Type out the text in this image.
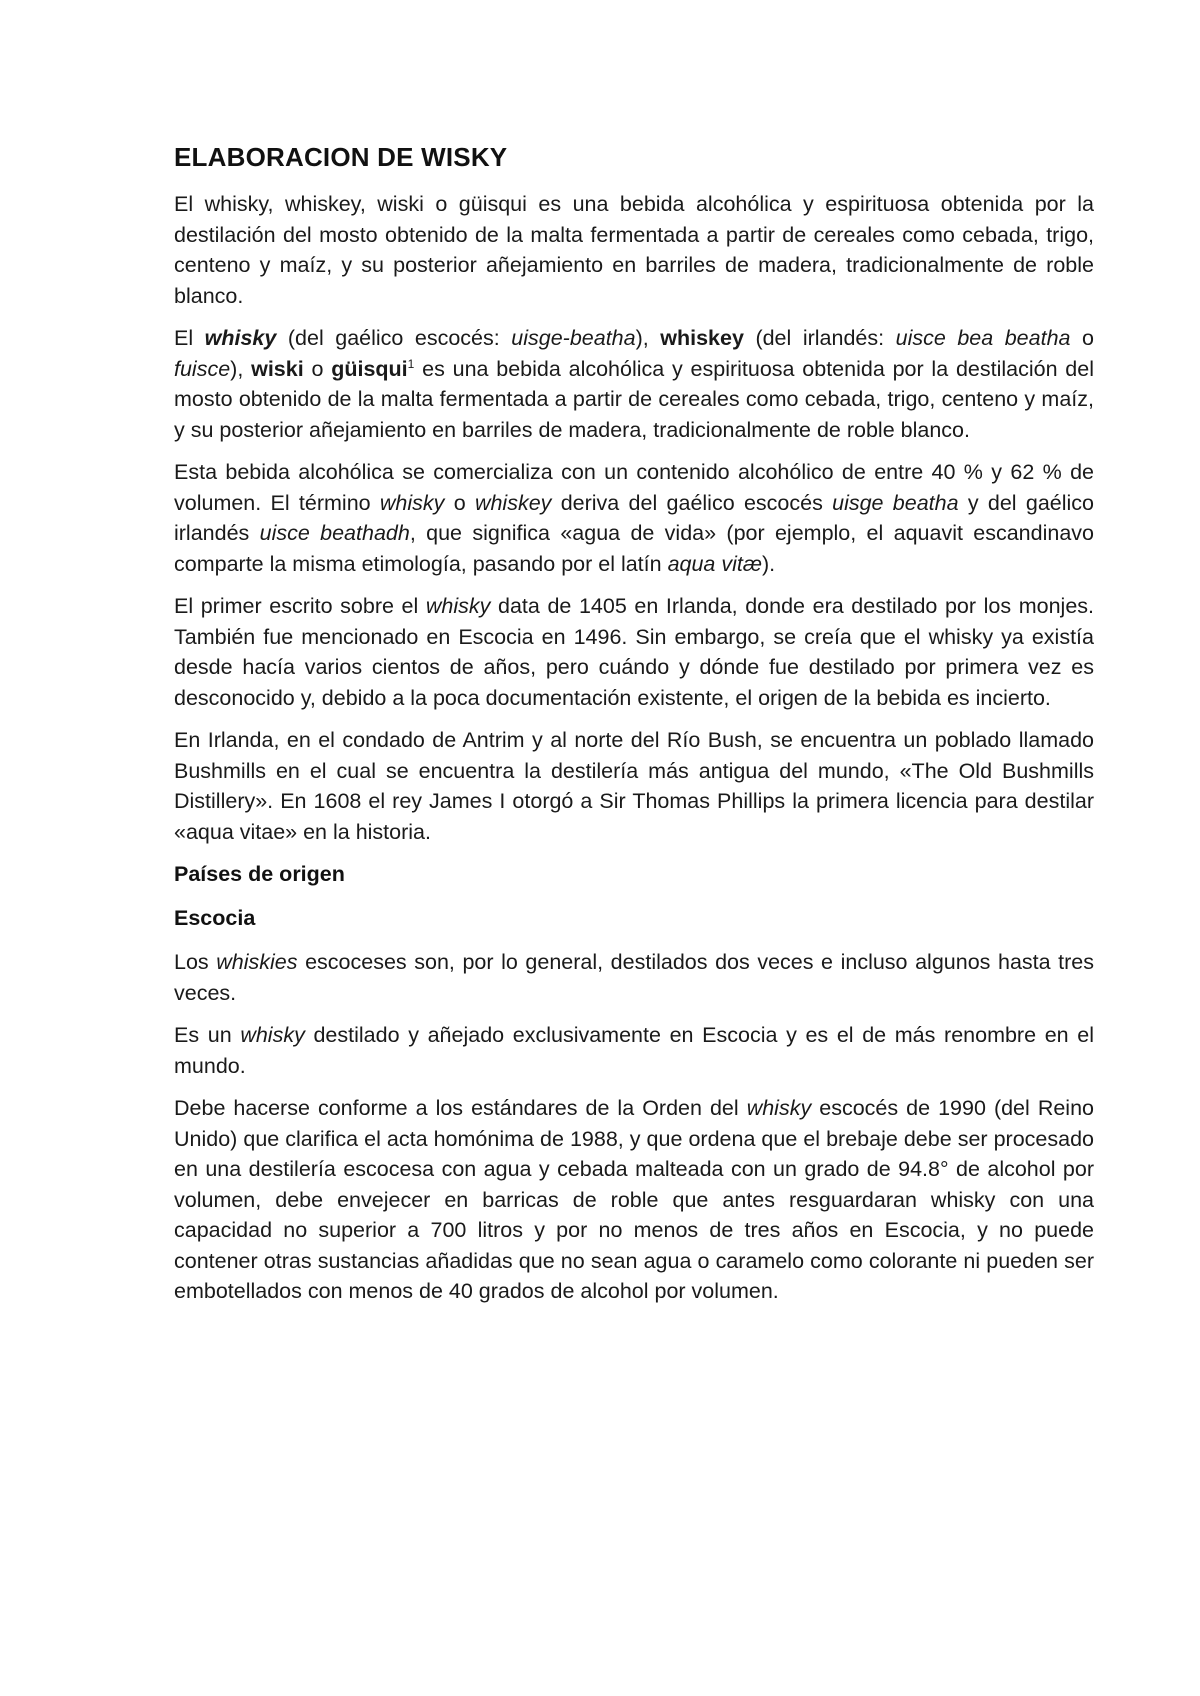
ELABORACION DE WISKY

El whisky, whiskey, wiski o güisqui es una bebida alcohólica y espirituosa obtenida por la destilación del mosto obtenido de la malta fermentada a partir de cereales como cebada, trigo, centeno y maíz, y su posterior añejamiento en barriles de madera, tradicionalmente de roble blanco.

El whisky (del gaélico escocés: uisge-beatha), whiskey (del irlandés: uisce bea beatha o fuisce), wiski o güisqui$^1$ es una bebida alcohólica y espirituosa obtenida por la destilación del mosto obtenido de la malta fermentada a partir de cereales como cebada, trigo, centeno y maíz, y su posterior añejamiento en barriles de madera, tradicionalmente de roble blanco.

Esta bebida alcohólica se comercializa con un contenido alcohólico de entre 40 % y 62 % de volumen. El término whisky o whiskey deriva del gaélico escocés uisge beatha y del gaélico irlandés uisce beathadh, que significa «agua de vida» (por ejemplo, el aquavit escandinavo comparte la misma etimología, pasando por el latín aqua vitæ).

El primer escrito sobre el whisky data de 1405 en Irlanda, donde era destilado por los monjes. También fue mencionado en Escocia en 1496. Sin embargo, se creía que el whisky ya existía desde hacía varios cientos de años, pero cuándo y dónde fue destilado por primera vez es desconocido y, debido a la poca documentación existente, el origen de la bebida es incierto.

En Irlanda, en el condado de Antrim y al norte del Río Bush, se encuentra un poblado llamado Bushmills en el cual se encuentra la destilería más antigua del mundo, «The Old Bushmills Distillery». En 1608 el rey James I otorgó a Sir Thomas Phillips la primera licencia para destilar «aqua vitae» en la historia.

Países de origen
Escocia

Los whiskies escoceses son, por lo general, destilados dos veces e incluso algunos hasta tres veces.

Es un whisky destilado y añejado exclusivamente en Escocia y es el de más renombre en el mundo.

Debe hacerse conforme a los estándares de la Orden del whisky escocés de 1990 (del Reino Unido) que clarifica el acta homónima de 1988, y que ordena que el brebaje debe ser procesado en una destilería escocesa con agua y cebada malteada con un grado de 94.8° de alcohol por volumen, debe envejecer en barricas de roble que antes resguardaran whisky con una capacidad no superior a 700 litros y por no menos de tres años en Escocia, y no puede contener otras sustancias añadidas que no sean agua o caramelo como colorante ni pueden ser embotellados con menos de 40 grados de alcohol por volumen.
